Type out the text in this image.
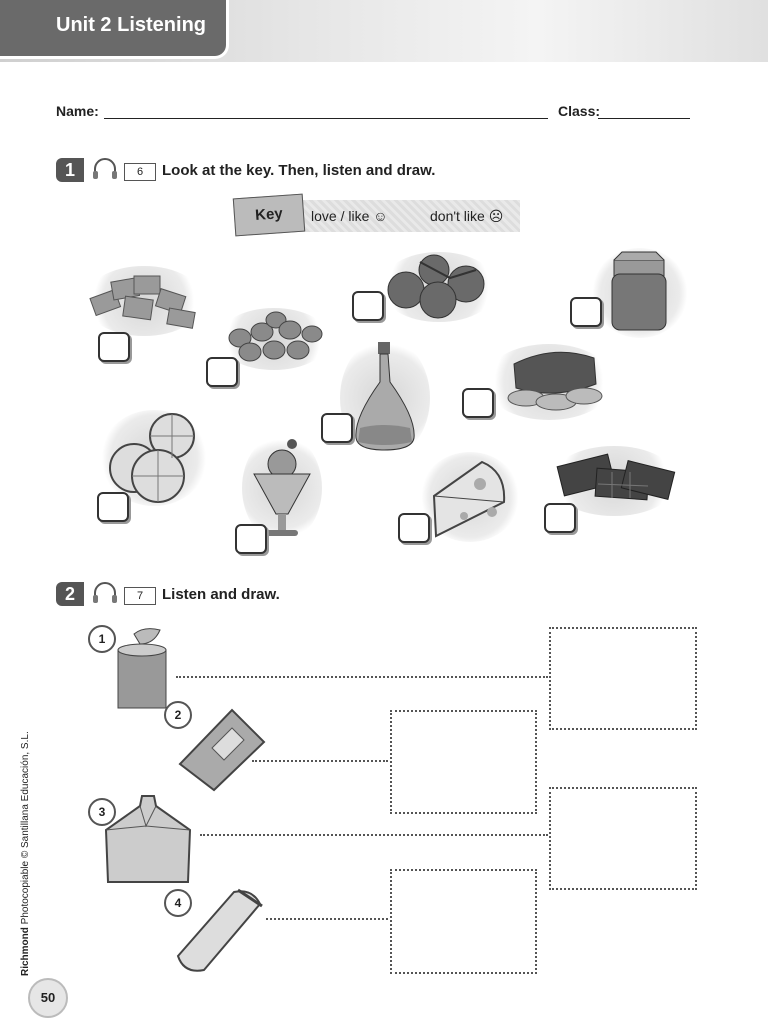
Unit 2 Listening
Name:	Class:
1	6	Look at the key. Then, listen and draw.
Key	love / like ☺	don't like ☹
2	7	Listen and draw.
1
2
3
4
Richmond Photocopiable © Santillana Educación, S.L.
50
